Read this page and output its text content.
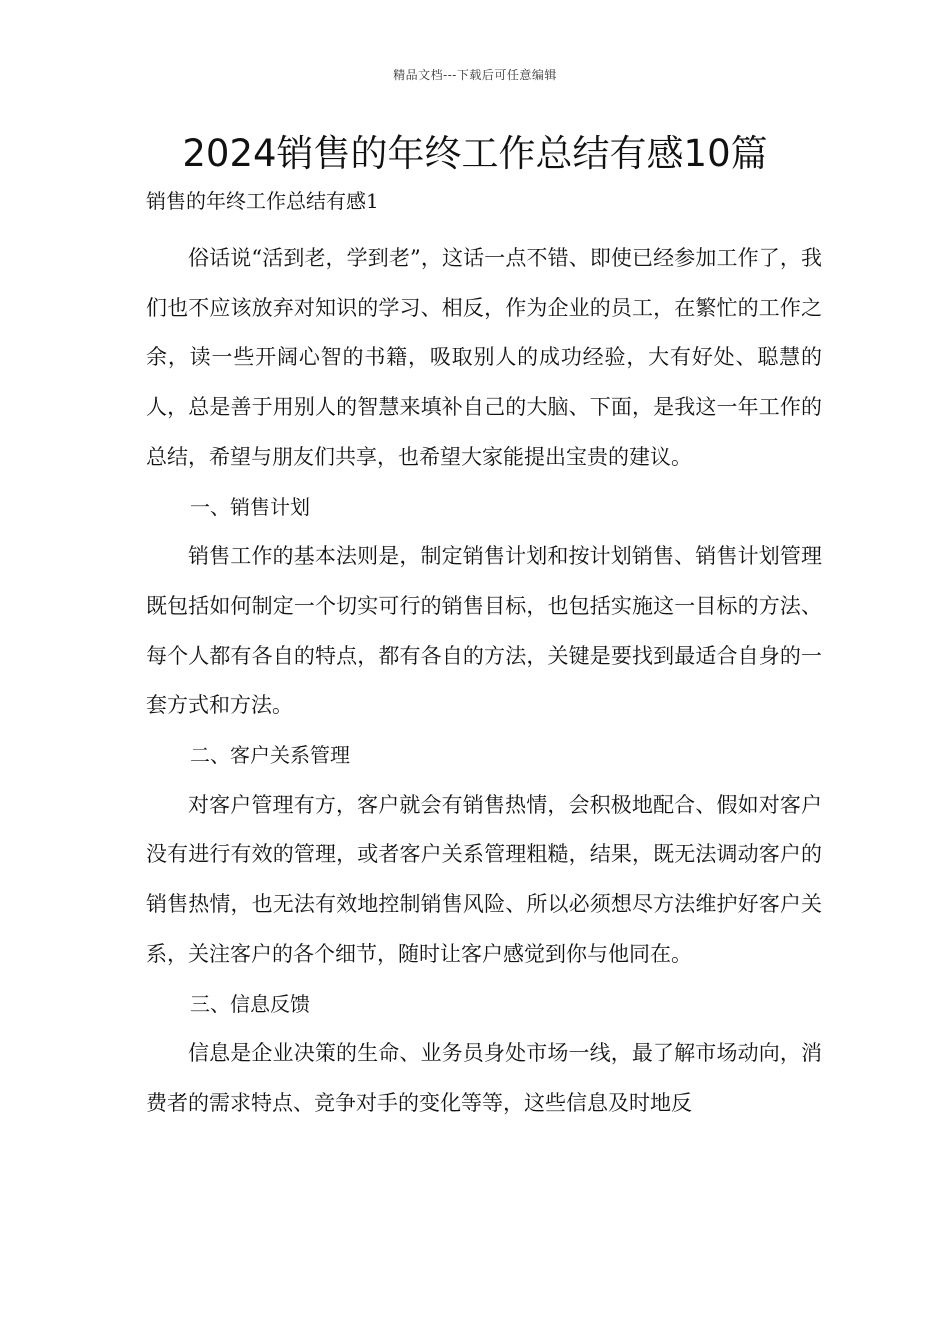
精品文档---下载后可任意编辑
2024销售的年终工作总结有感10篇
销售的年终工作总结有感1

俗话说“活到老，学到老”，这话一点不错、即使已经参加工作了，我们也不应该放弃对知识的学习、相反，作为企业的员工，在繁忙的工作之余，读一些开阔心智的书籍，吸取别人的成功经验，大有好处、聪慧的人，总是善于用别人的智慧来填补自己的大脑、下面，是我这一年工作的总结，希望与朋友们共享，也希望大家能提出宝贵的建议。

一、销售计划

销售工作的基本法则是，制定销售计划和按计划销售、销售计划管理既包括如何制定一个切实可行的销售目标，也包括实施这一目标的方法、每个人都有各自的特点，都有各自的方法，关键是要找到最适合自身的一套方式和方法。

二、客户关系管理

对客户管理有方，客户就会有销售热情，会积极地配合、假如对客户没有进行有效的管理，或者客户关系管理粗糙，结果，既无法调动客户的销售热情，也无法有效地控制销售风险、所以必须想尽方法维护好客户关系，关注客户的各个细节，随时让客户感觉到你与他同在。

三、信息反馈

信息是企业决策的生命、业务员身处市场一线，最了解市场动向，消费者的需求特点、竞争对手的变化等等，这些信息及时地反
